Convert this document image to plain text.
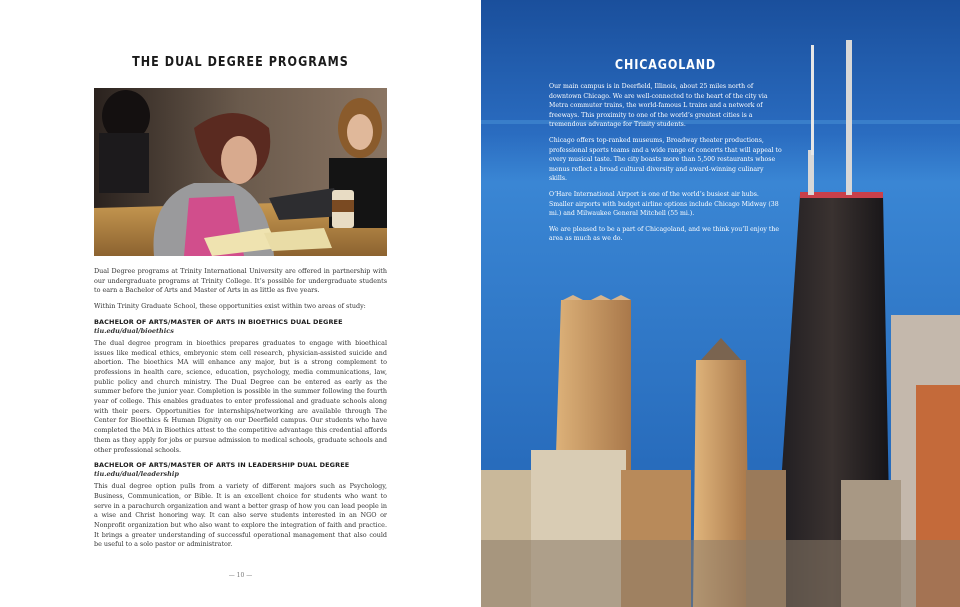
THE DUAL DEGREE PROGRAMS

Dual Degree programs at Trinity International University are offered in partnership with our undergraduate programs at Trinity College. It’s possible for undergraduate students to earn a Bachelor of Arts and Master of Arts in as little as five years.

Within Trinity Graduate School, these opportunities exist within two areas of study:

BACHELOR OF ARTS/MASTER OF ARTS IN BIOETHICS DUAL DEGREE
tiu.edu/dual/bioethics

The dual degree program in bioethics prepares graduates to engage with bioethical issues like medical ethics, embryonic stem cell research, physician-assisted suicide and abortion. The bioethics MA will enhance any major, but is a strong complement to professions in health care, science, education, psychology, media communications, law, public policy and church ministry. The Dual Degree can be entered as early as the summer before the junior year. Completion is possible in the summer following the fourth year of college. This enables graduates to enter professional and graduate schools along with their peers. Opportunities for internships/networking are available through The Center for Bioethics & Human Dignity on our Deerfield campus. Our students who have completed the MA in Bioethics attest to the competitive advantage this credential affords them as they apply for jobs or pursue admission to medical schools, graduate schools and other professional schools.

BACHELOR OF ARTS/MASTER OF ARTS IN LEADERSHIP DUAL DEGREE
tiu.edu/dual/leadership

This dual degree option pulls from a variety of different majors such as Psychology, Business, Communication, or Bible. It is an excellent choice for students who want to serve in a parachurch organization and want a better grasp of how you can lead people in a wise and Christ honoring way. It can also serve students interested in an NGO or Nonprofit organization but who also want to explore the integration of faith and practice. It brings a greater understanding of successful operational management that also could be useful to a solo pastor or administrator.

— 10 —
CHICAGOLAND

Our main campus is in Deerfield, Illinois, about 25 miles north of downtown Chicago. We are well-connected to the heart of the city via Metra commuter trains, the world-famous L trains and a network of freeways. This proximity to one of the world’s greatest cities is a tremendous advantage for Trinity students.

Chicago offers top-ranked museums, Broadway theater productions, professional sports teams and a wide range of concerts that will appeal to every musical taste. The city boasts more than 5,500 restaurants whose menus reflect a broad cultural diversity and award-winning culinary skills.

O’Hare International Airport is one of the world’s busiest air hubs. Smaller airports with budget airline options include Chicago Midway (38 mi.) and Milwaukee General Mitchell (55 mi.).

We are pleased to be a part of Chicagoland, and we think you’ll enjoy the area as much as we do.
